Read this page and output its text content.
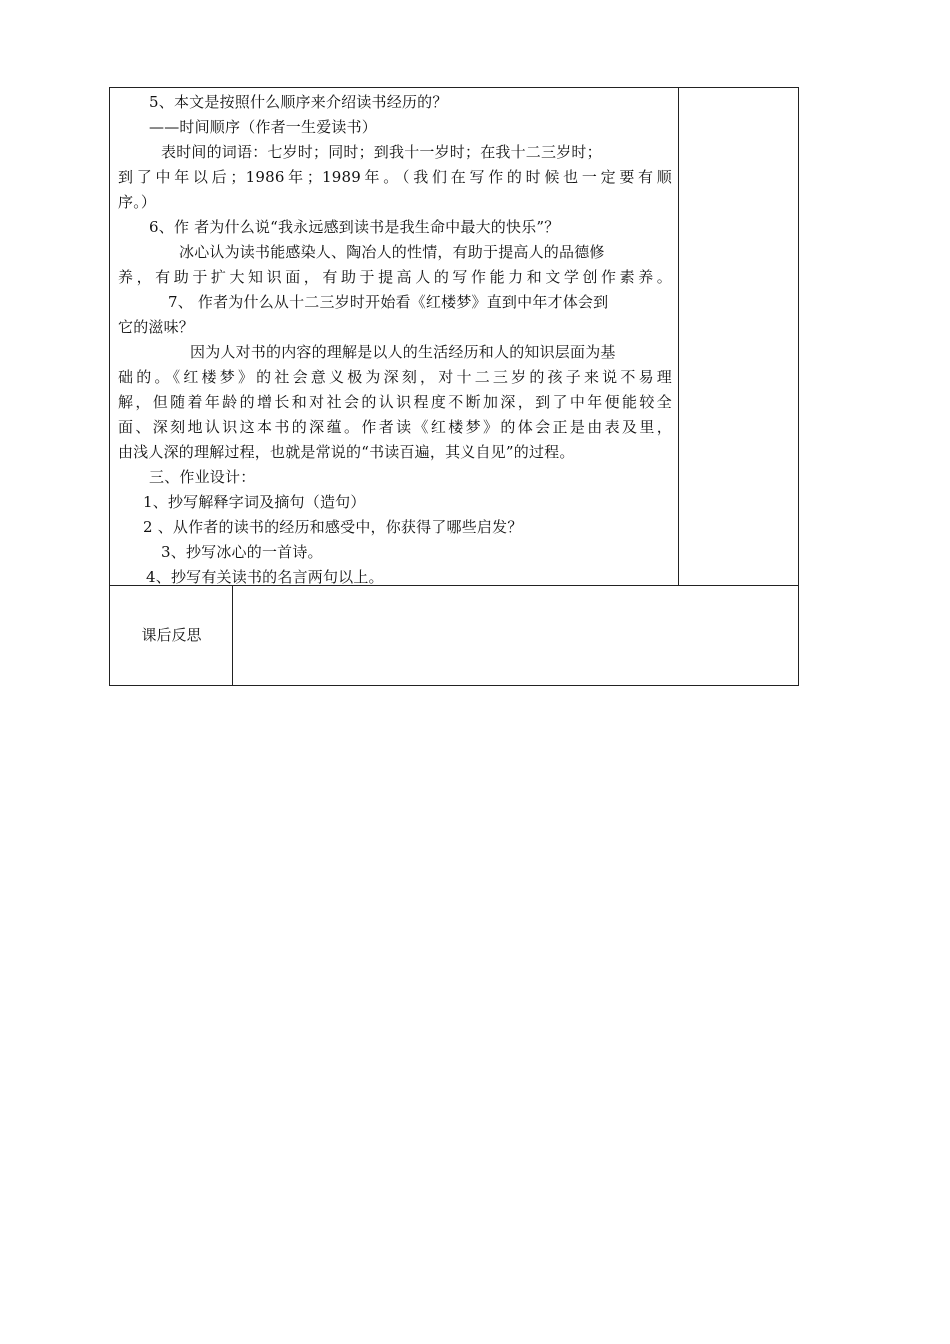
5、本文是按照什么顺序来介绍读书经历的？
——时间顺序（作者一生爱读书）
表时间的词语：七岁时；同时；到我十一岁时；在我十二三岁时；
到了中年以后；1986年；1989年。（我们在写作的时候也一定要有顺
序。）
6、作 者为什么说“我永远感到读书是我生命中最大的快乐”？
冰心认为读书能感染人、陶冶人的性情，有助于提高人的品德修
养，有助于扩大知识面，有助于提高人的写作能力和文学创作素养。
7、 作者为什么从十二三岁时开始看《红楼梦》直到中年才体会到
它的滋味？
因为人对书的内容的理解是以人的生活经历和人的知识层面为基
础的。《红楼梦》的社会意义极为深刻，对十二三岁的孩子来说不易理
解，但随着年龄的增长和对社会的认识程度不断加深，到了中年便能较全
面、深刻地认识这本书的深蕴。作者读《红楼梦》的体会正是由表及里，
由浅人深的理解过程，也就是常说的“书读百遍，其义自见”的过程。
三、作业设计：
1、抄写解释字词及摘句（造句）
2 、从作者的读书的经历和感受中，你获得了哪些启发？
3、抄写冰心的一首诗。
4、抄写有关读书的名言两句以上。
课后反思
